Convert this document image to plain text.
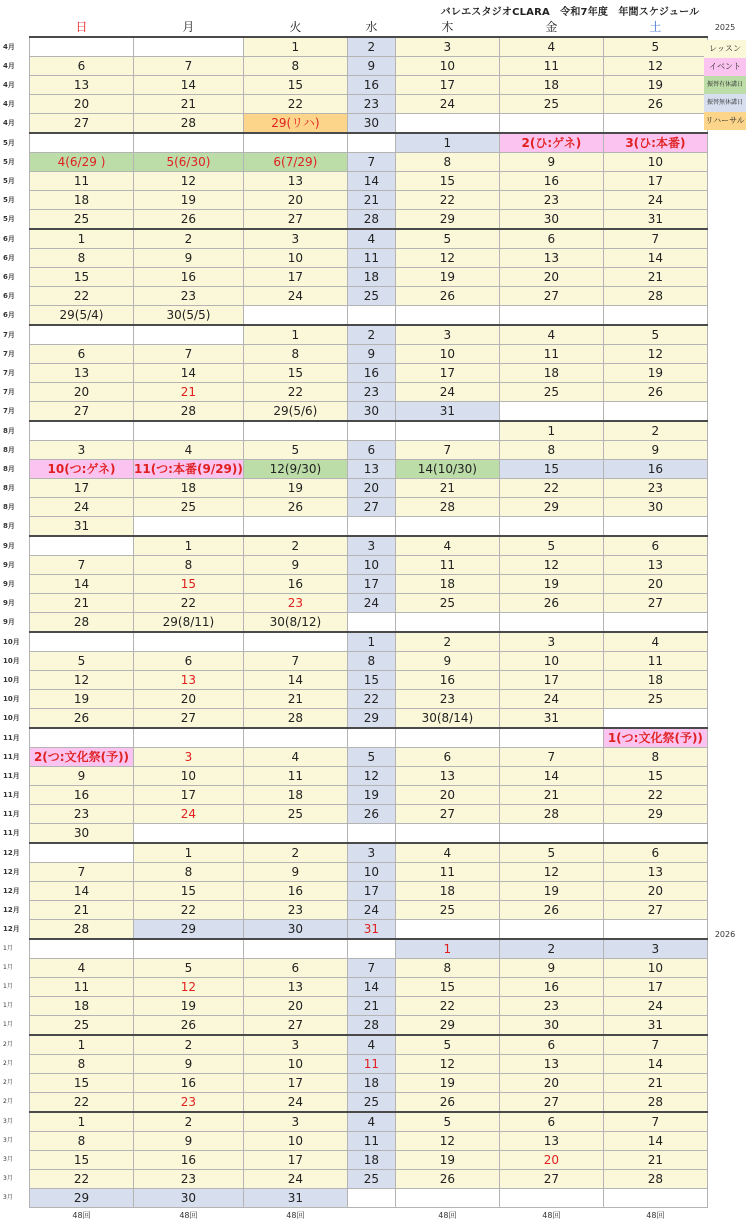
バレエスタジオCLARA　令和7年度　年間スケジュール
	日	月	火	水	木	金	土
4月			1	2	3	4	5
4月	6	7	8	9	10	11	12
4月	13	14	15	16	17	18	19
4月	20	21	22	23	24	25	26
4月	27	28	29(リハ)	30			
5月					1	2(ひ:ゲネ)	3(ひ:本番)
5月	4(6/29 )	5(6/30)	6(7/29)	7	8	9	10
5月	11	12	13	14	15	16	17
5月	18	19	20	21	22	23	24
5月	25	26	27	28	29	30	31
6月	1	2	3	4	5	6	7
6月	8	9	10	11	12	13	14
6月	15	16	17	18	19	20	21
6月	22	23	24	25	26	27	28
6月	29(5/4)	30(5/5)					
7月			1	2	3	4	5
7月	6	7	8	9	10	11	12
7月	13	14	15	16	17	18	19
7月	20	21	22	23	24	25	26
7月	27	28	29(5/6)	30	31		
8月						1	2
8月	3	4	5	6	7	8	9
8月	10(つ:ゲネ)	11(つ:本番(9/29))	12(9/30)	13	14(10/30)	15	16
8月	17	18	19	20	21	22	23
8月	24	25	26	27	28	29	30
8月	31						
9月		1	2	3	4	5	6
9月	7	8	9	10	11	12	13
9月	14	15	16	17	18	19	20
9月	21	22	23	24	25	26	27
9月	28	29(8/11)	30(8/12)				
10月				1	2	3	4
10月	5	6	7	8	9	10	11
10月	12	13	14	15	16	17	18
10月	19	20	21	22	23	24	25
10月	26	27	28	29	30(8/14)	31	
11月							1(つ:文化祭(予))
11月	2(つ:文化祭(予))	3	4	5	6	7	8
11月	9	10	11	12	13	14	15
11月	16	17	18	19	20	21	22
11月	23	24	25	26	27	28	29
11月	30						
12月		1	2	3	4	5	6
12月	7	8	9	10	11	12	13
12月	14	15	16	17	18	19	20
12月	21	22	23	24	25	26	27
12月	28	29	30	31			
1月					1	2	3
1月	4	5	6	7	8	9	10
1月	11	12	13	14	15	16	17
1月	18	19	20	21	22	23	24
1月	25	26	27	28	29	30	31
2月	1	2	3	4	5	6	7
2月	8	9	10	11	12	13	14
2月	15	16	17	18	19	20	21
2月	22	23	24	25	26	27	28
3月	1	2	3	4	5	6	7
3月	8	9	10	11	12	13	14
3月	15	16	17	18	19	20	21
3月	22	23	24	25	26	27	28
3月	29	30	31				
	48回	48回	48回		48回	48回	48回
2025
レッスン
イベント
振替有休講日
振替無休講日
リハーサル
2026
